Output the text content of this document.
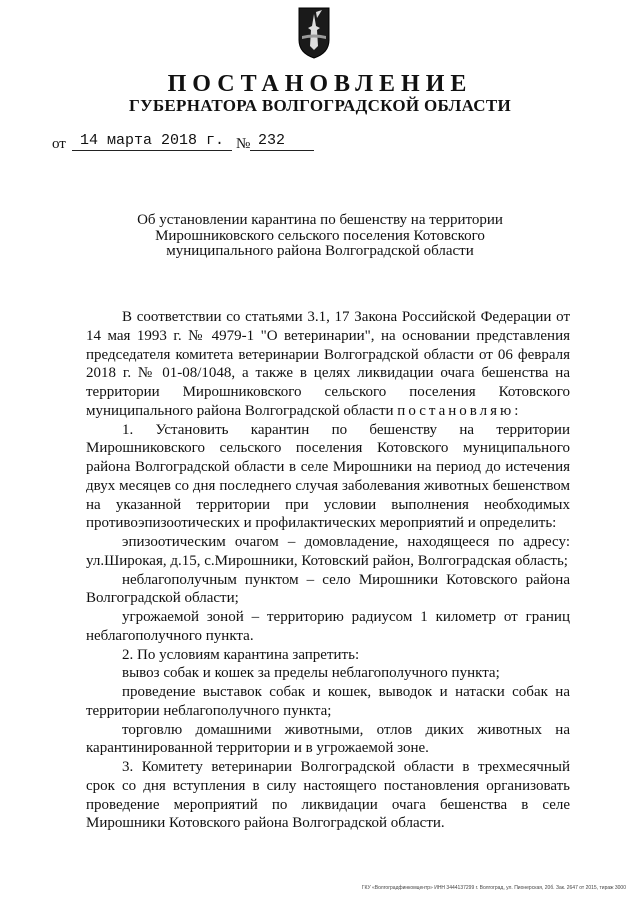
ПОСТАНОВЛЕНИЕ
ГУБЕРНАТОРА ВОЛГОГРАДСКОЙ ОБЛАСТИ
от 14 марта 2018 г. № 232
Об установлении карантина по бешенству на территории
Мирошниковского сельского поселения Котовского
муниципального района Волгоградской области

В соответствии со статьями 3.1, 17 Закона Российской Федерации от 14 мая 1993 г. № 4979-1 "О ветеринарии", на основании представления председателя комитета ветеринарии Волгоградской области от 06 февраля 2018 г. № 01-08/1048, а также в целях ликвидации очага бешенства на территории Мирошниковского сельского поселения Котовского муниципального района Волгоградской области постановляю:

1. Установить карантин по бешенству на территории Мирошниковского сельского поселения Котовского муниципального района Волгоградской области в селе Мирошники на период до истечения двух месяцев со дня последнего случая заболевания животных бешенством на указанной территории при условии выполнения необходимых противоэпизоотических и профилактических мероприятий и определить:

эпизоотическим очагом – домовладение, находящееся по адресу: ул.Широкая, д.15, с.Мирошники, Котовский район, Волгоградская область;

неблагополучным пунктом – село Мирошники Котовского района Волгоградской области;

угрожаемой зоной – территорию радиусом 1 километр от границ неблагополучного пункта.

2. По условиям карантина запретить:

вывоз собак и кошек за пределы неблагополучного пункта;

проведение выставок собак и кошек, выводок и натаски собак на территории неблагополучного пункта;

торговлю домашними животными, отлов диких животных на карантинированной территории и в угрожаемой зоне.

3. Комитету ветеринарии Волгоградской области в трехмесячный срок со дня вступления в силу настоящего постановления организовать проведение мероприятий по ликвидации очага бешенства в селе Мирошники Котовского района Волгоградской области.

ГКУ «Волгоградфинкомцентр» ИНН 3444137299 г. Волгоград, ул. Пионерская, 20б. Зак. 2647 от 2015, тираж 3000
